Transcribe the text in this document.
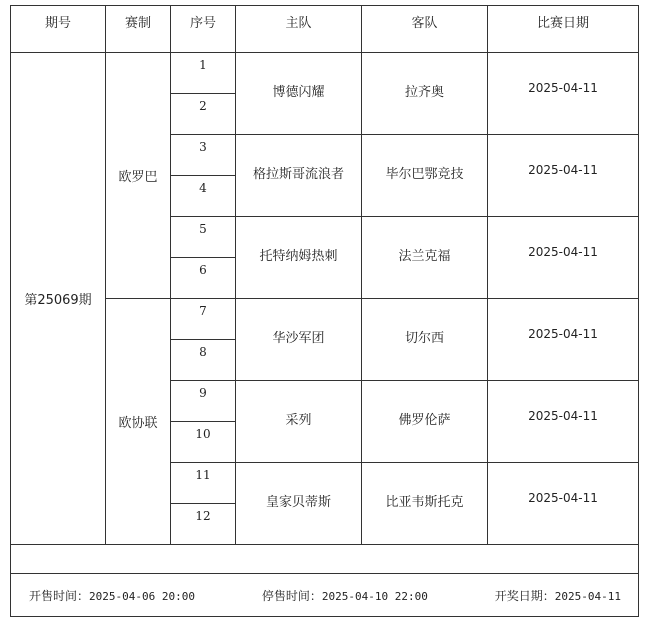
期号	赛制	序号	主队	客队	比赛日期
第25069期	欧罗巴	1	博德闪耀	拉齐奥	2025-04-11
		2			
		3	格拉斯哥流浪者	毕尔巴鄂竞技	2025-04-11
		4			
		5	托特纳姆热刺	法兰克福	2025-04-11
		6			
	欧协联	7	华沙军团	切尔西	2025-04-11
		8			
		9	采列	佛罗伦萨	2025-04-11
		10			
		11	皇家贝蒂斯	比亚韦斯托克	2025-04-11
		12			

开售时间：2025-04-06 20:00 停售时间：2025-04-10 22:00 开奖日期：2025-04-11					
